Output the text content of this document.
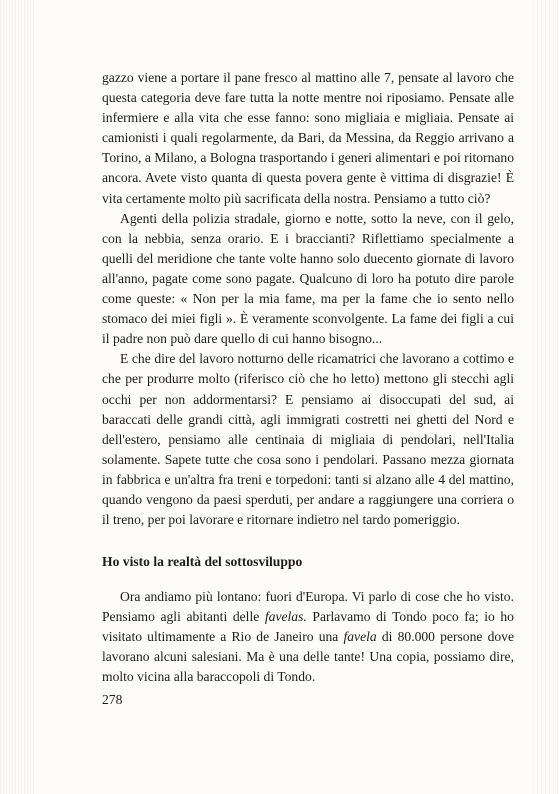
gazzo viene a portare il pane fresco al mattino alle 7, pensate al lavoro che questa categoria deve fare tutta la notte mentre noi riposiamo. Pensate alle infermiere e alla vita che esse fanno: sono migliaia e migliaia. Pensate ai camionisti i quali regolarmente, da Bari, da Messina, da Reggio arrivano a Torino, a Milano, a Bologna trasportando i generi alimentari e poi ritornano ancora. Avete visto quanta di questa povera gente è vittima di disgrazie! È vita certamente molto più sacrificata della nostra. Pensiamo a tutto ciò?

Agenti della polizia stradale, giorno e notte, sotto la neve, con il gelo, con la nebbia, senza orario. E i braccianti? Riflettiamo specialmente a quelli del meridione che tante volte hanno solo duecento giornate di lavoro all'anno, pagate come sono pagate. Qualcuno di loro ha potuto dire parole come queste: « Non per la mia fame, ma per la fame che io sento nello stomaco dei miei figli ». È veramente sconvolgente. La fame dei figli a cui il padre non può dare quello di cui hanno bisogno...

E che dire del lavoro notturno delle ricamatrici che lavorano a cottimo e che per produrre molto (riferisco ciò che ho letto) mettono gli stecchi agli occhi per non addormentarsi? E pensiamo ai disoccupati del sud, ai baraccati delle grandi città, agli immigrati costretti nei ghetti del Nord e dell'estero, pensiamo alle centinaia di migliaia di pendolari, nell'Italia solamente. Sapete tutte che cosa sono i pendolari. Passano mezza giornata in fabbrica e un'altra fra treni e torpedoni: tanti si alzano alle 4 del mattino, quando vengono da paesi sperduti, per andare a raggiungere una corriera o il treno, per poi lavorare e ritornare indietro nel tardo pomeriggio.

Ho visto la realtà del sottosviluppo

Ora andiamo più lontano: fuori d'Europa. Vi parlo di cose che ho visto. Pensiamo agli abitanti delle favelas. Parlavamo di Tondo poco fa; io ho visitato ultimamente a Rio de Janeiro una favela di 80.000 persone dove lavorano alcuni salesiani. Ma è una delle tante! Una copia, possiamo dire, molto vicina alla baraccopoli di Tondo.

278
